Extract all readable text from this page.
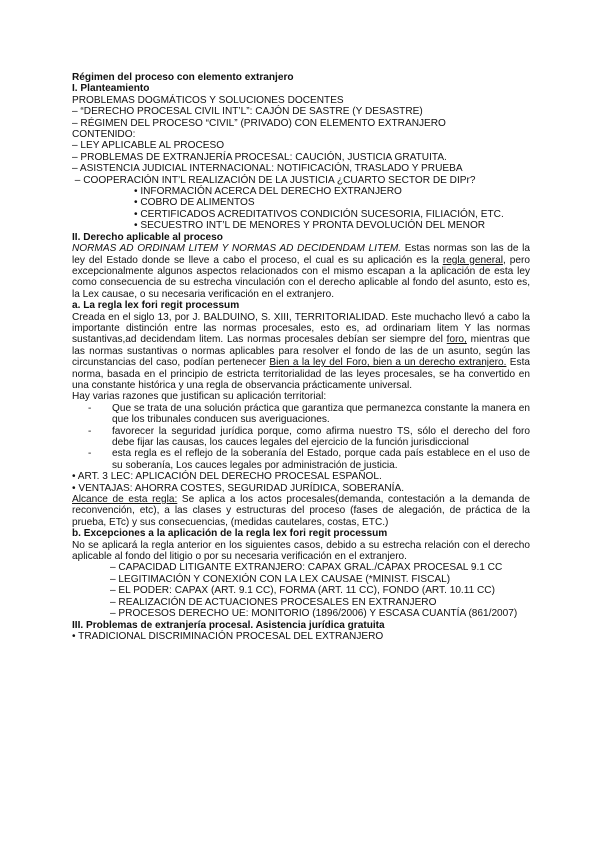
Régimen del proceso con elemento extranjero
I. Planteamiento
PROBLEMAS DOGMÁTICOS Y SOLUCIONES DOCENTES
– “DERECHO PROCESAL CIVIL INT’L”: CAJÓN DE SASTRE (Y DESASTRE)
– RÉGIMEN DEL PROCESO “CIVIL” (PRIVADO) CON ELEMENTO EXTRANJERO
CONTENIDO:
– LEY APLICABLE AL PROCESO
– PROBLEMAS DE EXTRANJERÍA PROCESAL: CAUCIÓN, JUSTICIA GRATUITA.
– ASISTENCIA JUDICIAL INTERNACIONAL: NOTIFICACIÓN, TRASLADO Y PRUEBA
– COOPERACIÓN INT’L REALIZACIÓN DE LA JUSTICIA ¿CUARTO SECTOR DE DIPr?
• INFORMACIÓN ACERCA DEL DERECHO EXTRANJERO
• COBRO DE ALIMENTOS
• CERTIFICADOS ACREDITATIVOS CONDICIÓN SUCESORIA, FILIACIÓN, ETC.
• SECUESTRO INT’L DE MENORES Y PRONTA DEVOLUCIÓN DEL MENOR
II. Derecho aplicable al proceso

NORMAS AD ORDINAM LITEM Y NORMAS AD DECIDENDAM LITEM. Estas normas son las de la ley del Estado donde se lleve a cabo el proceso, el cual es su aplicación es la regla general, pero excepcionalmente algunos aspectos relacionados con el mismo escapan a la aplicación de esta ley como consecuencia de su estrecha vinculación con el derecho aplicable al fondo del asunto, esto es, la Lex causae, o su necesaria verificación en el extranjero.

a. La regla lex fori regit processum

Creada en el siglo 13, por J. BALDUINO, S. XIII, TERRITORIALIDAD. Este muchacho llevó a cabo la importante distinción entre las normas procesales, esto es, ad ordinariam litem Y las normas sustantivas,ad decidendam litem. Las normas procesales debían ser siempre del foro, mientras que las normas sustantivas o normas aplicables para resolver el fondo de las de un asunto, según las circunstancias del caso, podían pertenecer Bien a la ley del Foro, bien a un derecho extranjero. Esta norma, basada en el principio de estricta territorialidad de las leyes procesales, se ha convertido en una constante histórica y una regla de observancia prácticamente universal.

Hay varias razones que justifican su aplicación territorial:
-	Que se trata de una solución práctica que garantiza que permanezca constante la manera en que los tribunales conducen sus averiguaciones.
-	favorecer la seguridad jurídica porque, como afirma nuestro TS, sólo el derecho del foro debe fijar las causas, los cauces legales del ejercicio de la función jurisdiccional
-	esta regla es el reflejo de la soberanía del Estado, porque cada país establece en el uso de su soberanía, Los cauces legales por administración de justicia.
• ART. 3 LEC: APLICACIÓN DEL DERECHO PROCESAL ESPAÑOL.
• VENTAJAS: AHORRA COSTES, SEGURIDAD JURÍDICA, SOBERANÍA.

Alcance de esta regla: Se aplica a los actos procesales(demanda, contestación a la demanda de reconvención, etc), a las clases y estructuras del proceso (fases de alegación, de práctica de la prueba, ETc) y sus consecuencias, (medidas cautelares, costas, ETC.)

b. Excepciones a la aplicación de la regla lex fori regit processum

No se aplicará la regla anterior en los siguientes casos, debido a su estrecha relación con el derecho aplicable al fondo del litigio o por su necesaria verificación en el extranjero.

– CAPACIDAD LITIGANTE EXTRANJERO: CAPAX GRAL./CAPAX PROCESAL 9.1 CC
– LEGITIMACIÓN Y CONEXIÓN CON LA LEX CAUSAE (*MINIST. FISCAL)
– EL PODER: CAPAX (ART. 9.1 CC), FORMA (ART. 11 CC), FONDO (ART. 10.11 CC)
– REALIZACIÓN DE ACTUACIONES PROCESALES EN EXTRANJERO
– PROCESOS DERECHO UE: MONITORIO (1896/2006) Y ESCASA CUANTÍA (861/2007)
III. Problemas de extranjería procesal. Asistencia jurídica gratuita
• TRADICIONAL DISCRIMINACIÓN PROCESAL DEL EXTRANJERO
